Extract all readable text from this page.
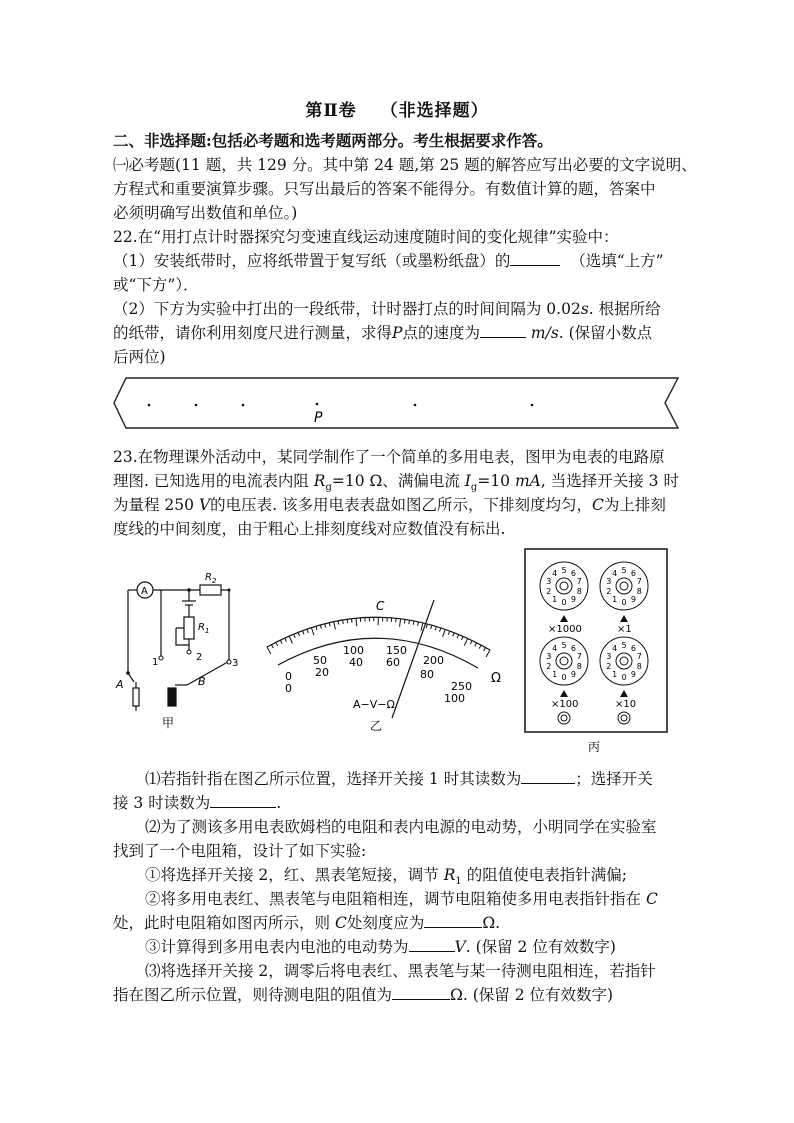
第Ⅱ卷 （非选择题）
二、非选择题:包括必考题和选考题两部分。考生根据要求作答。
㈠必考题(11 题，共 129 分。其中第 24 题,第 25 题的解答应写出必要的文字说明、
方程式和重要演算步骤。只写出最后的答案不能得分。有数值计算的题，答案中
必须明确写出数值和单位。)
22.在“用打点计时器探究匀变速直线运动速度随时间的变化规律”实验中：
（1）安装纸带时，应将纸带置于复写纸（或墨粉纸盘）的	（选填“上方”
或“下方”）．
（2）下方为实验中打出的一段纸带，计时器打点的时间间隔为 0.02s. 根据所给
的纸带，请你利用刻度尺进行测量，求得P点的速度为	m/s. (保留小数点
后两位)
P
23.在物理课外活动中，某同学制作了一个简单的多用电表，图甲为电表的电路原
理图. 已知选用的电流表内阻 $R_g=10$ Ω、满偏电流 $I_g=10$ mA, 当选择开关接 3 时
为量程 250 V的电压表. 该多用电表表盘如图乙所示，下排刻度均匀，C为上排刻
度线的中间刻度，由于粗心上排刻度线对应数值没有标出.
A
$R_2$
$R_1$
1	2
3
A	B
甲
C
Ω
0
50
100 150
200
250
0
20
40 60
80
100
A−V−Ω
乙
0
1
2
3
4 5 6
7
8
9	0
1
2
3
4 5 6
7
8
9
0
1
2
3
4 5 6
7
8
9	0
1
2
3
4 5 6
7
8
9
×1000	×1
×100	×10
丙
⑴若指针指在图乙所示位置，选择开关接 1 时其读数为	；选择开关
接 3 时读数为	.
⑵为了测该多用电表欧姆档的电阻和表内电源的电动势，小明同学在实验室
找到了一个电阻箱，设计了如下实验:
①将选择开关接 2，红、黑表笔短接，调节 $R_1$ 的阻值使电表指针满偏;
②将多用电表红、黑表笔与电阻箱相连，调节电阻箱使多用电表指针指在 C
处，此时电阻箱如图丙所示，则 C处刻度应为	Ω.
③计算得到多用电表内电池的电动势为	V. (保留 2 位有效数字)
⑶将选择开关接 2，调零后将电表红、黑表笔与某一待测电阻相连，若指针
指在图乙所示位置，则待测电阻的阻值为	Ω. (保留 2 位有效数字)
